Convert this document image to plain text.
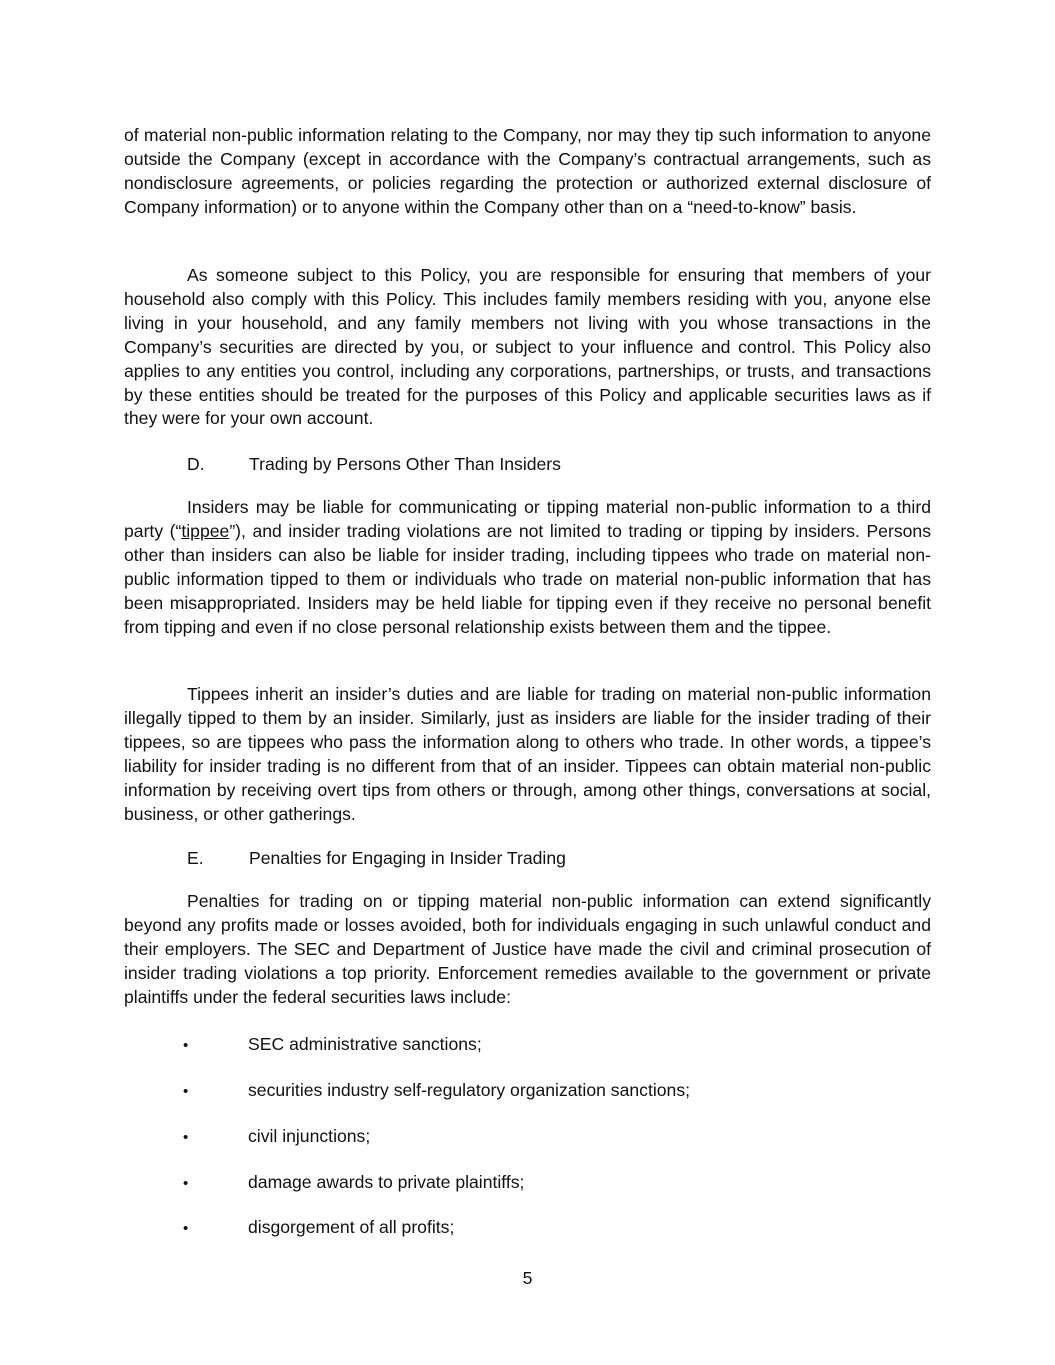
of material non-public information relating to the Company, nor may they tip such information to anyone outside the Company (except in accordance with the Company’s contractual arrangements, such as nondisclosure agreements, or policies regarding the protection or authorized external disclosure of Company information) or to anyone within the Company other than on a “need-to-know” basis.

As someone subject to this Policy, you are responsible for ensuring that members of your household also comply with this Policy. This includes family members residing with you, anyone else living in your household, and any family members not living with you whose transactions in the Company’s securities are directed by you, or subject to your influence and control. This Policy also applies to any entities you control, including any corporations, partnerships, or trusts, and transactions by these entities should be treated for the purposes of this Policy and applicable securities laws as if they were for your own account.

D.	Trading by Persons Other Than Insiders

Insiders may be liable for communicating or tipping material non-public information to a third party (“tippee”), and insider trading violations are not limited to trading or tipping by insiders. Persons other than insiders can also be liable for insider trading, including tippees who trade on material non-public information tipped to them or individuals who trade on material non-public information that has been misappropriated. Insiders may be held liable for tipping even if they receive no personal benefit from tipping and even if no close personal relationship exists between them and the tippee.

Tippees inherit an insider’s duties and are liable for trading on material non-public information illegally tipped to them by an insider. Similarly, just as insiders are liable for the insider trading of their tippees, so are tippees who pass the information along to others who trade. In other words, a tippee’s liability for insider trading is no different from that of an insider. Tippees can obtain material non-public information by receiving overt tips from others or through, among other things, conversations at social, business, or other gatherings.

E.	Penalties for Engaging in Insider Trading

Penalties for trading on or tipping material non-public information can extend significantly beyond any profits made or losses avoided, both for individuals engaging in such unlawful conduct and their employers. The SEC and Department of Justice have made the civil and criminal prosecution of insider trading violations a top priority. Enforcement remedies available to the government or private plaintiffs under the federal securities laws include:

•	SEC administrative sanctions;
•	securities industry self-regulatory organization sanctions;
•	civil injunctions;
•	damage awards to private plaintiffs;
•	disgorgement of all profits;
5
